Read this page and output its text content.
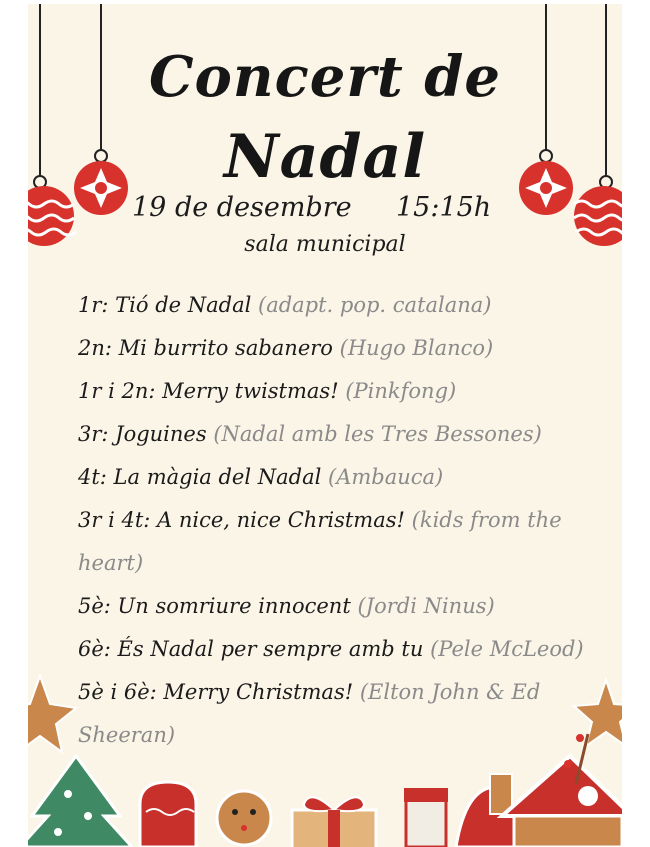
Concert de
Nadal
19 de desembre 15:15h
sala municipal

1r: Tió de Nadal (adapt. pop. catalana)

2n: Mi burrito sabanero (Hugo Blanco)

1r i 2n: Merry twistmas! (Pinkfong)

3r: Joguines (Nadal amb les Tres Bessones)

4t: La màgia del Nadal (Ambauca)

3r i 4t: A nice, nice Christmas! (kids from the heart)

5è: Un somriure innocent (Jordi Ninus)

6è: És Nadal per sempre amb tu (Pele McLeod)

5è i 6è: Merry Christmas! (Elton John & Ed Sheeran)
